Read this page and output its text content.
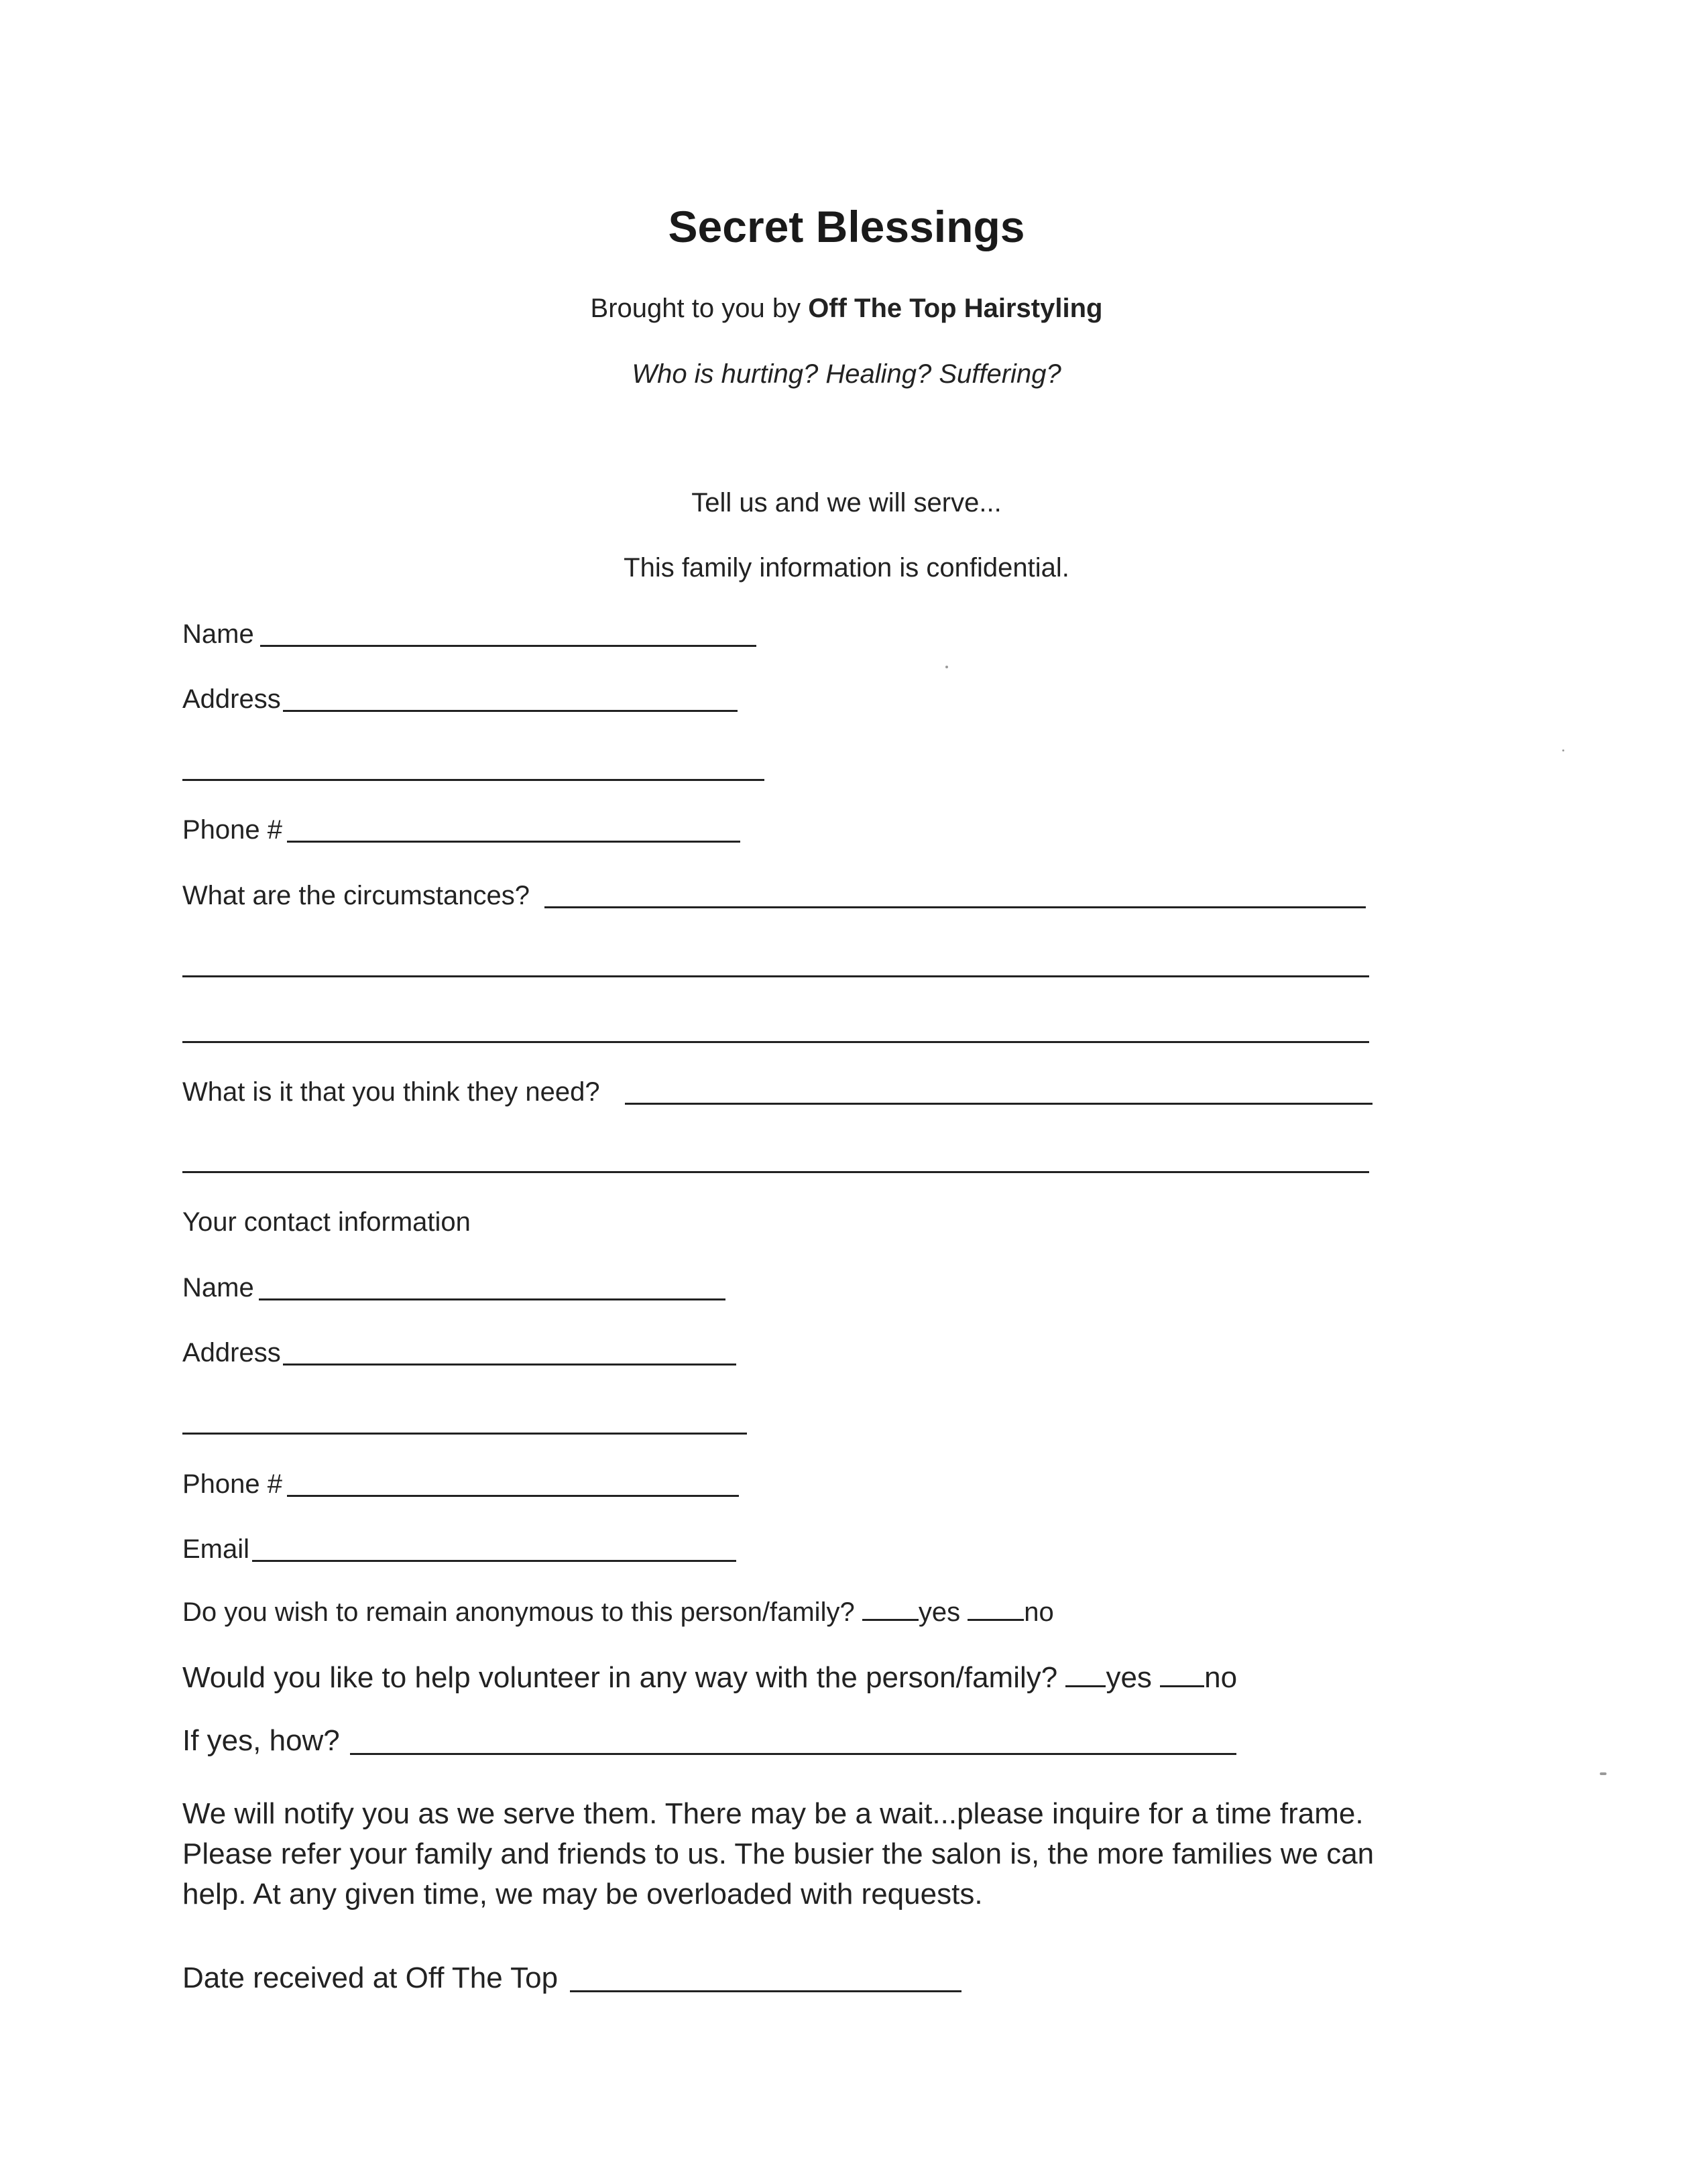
Secret Blessings
Brought to you by Off The Top Hairstyling
Who is hurting? Healing? Suffering?
Tell us and we will serve...
This family information is confidential.
Name
Address
Phone #
What are the circumstances?
What is it that you think they need?
Your contact information
Name
Address
Phone #
Email
Do you wish to remain anonymous to this person/family? yes no
Would you like to help volunteer in any way with the person/family? yes no
If yes, how?
We will notify you as we serve them. There may be a wait...please inquire for a time frame.
Please refer your family and friends to us. The busier the salon is, the more families we can
help. At any given time, we may be overloaded with requests.
Date received at Off The Top
